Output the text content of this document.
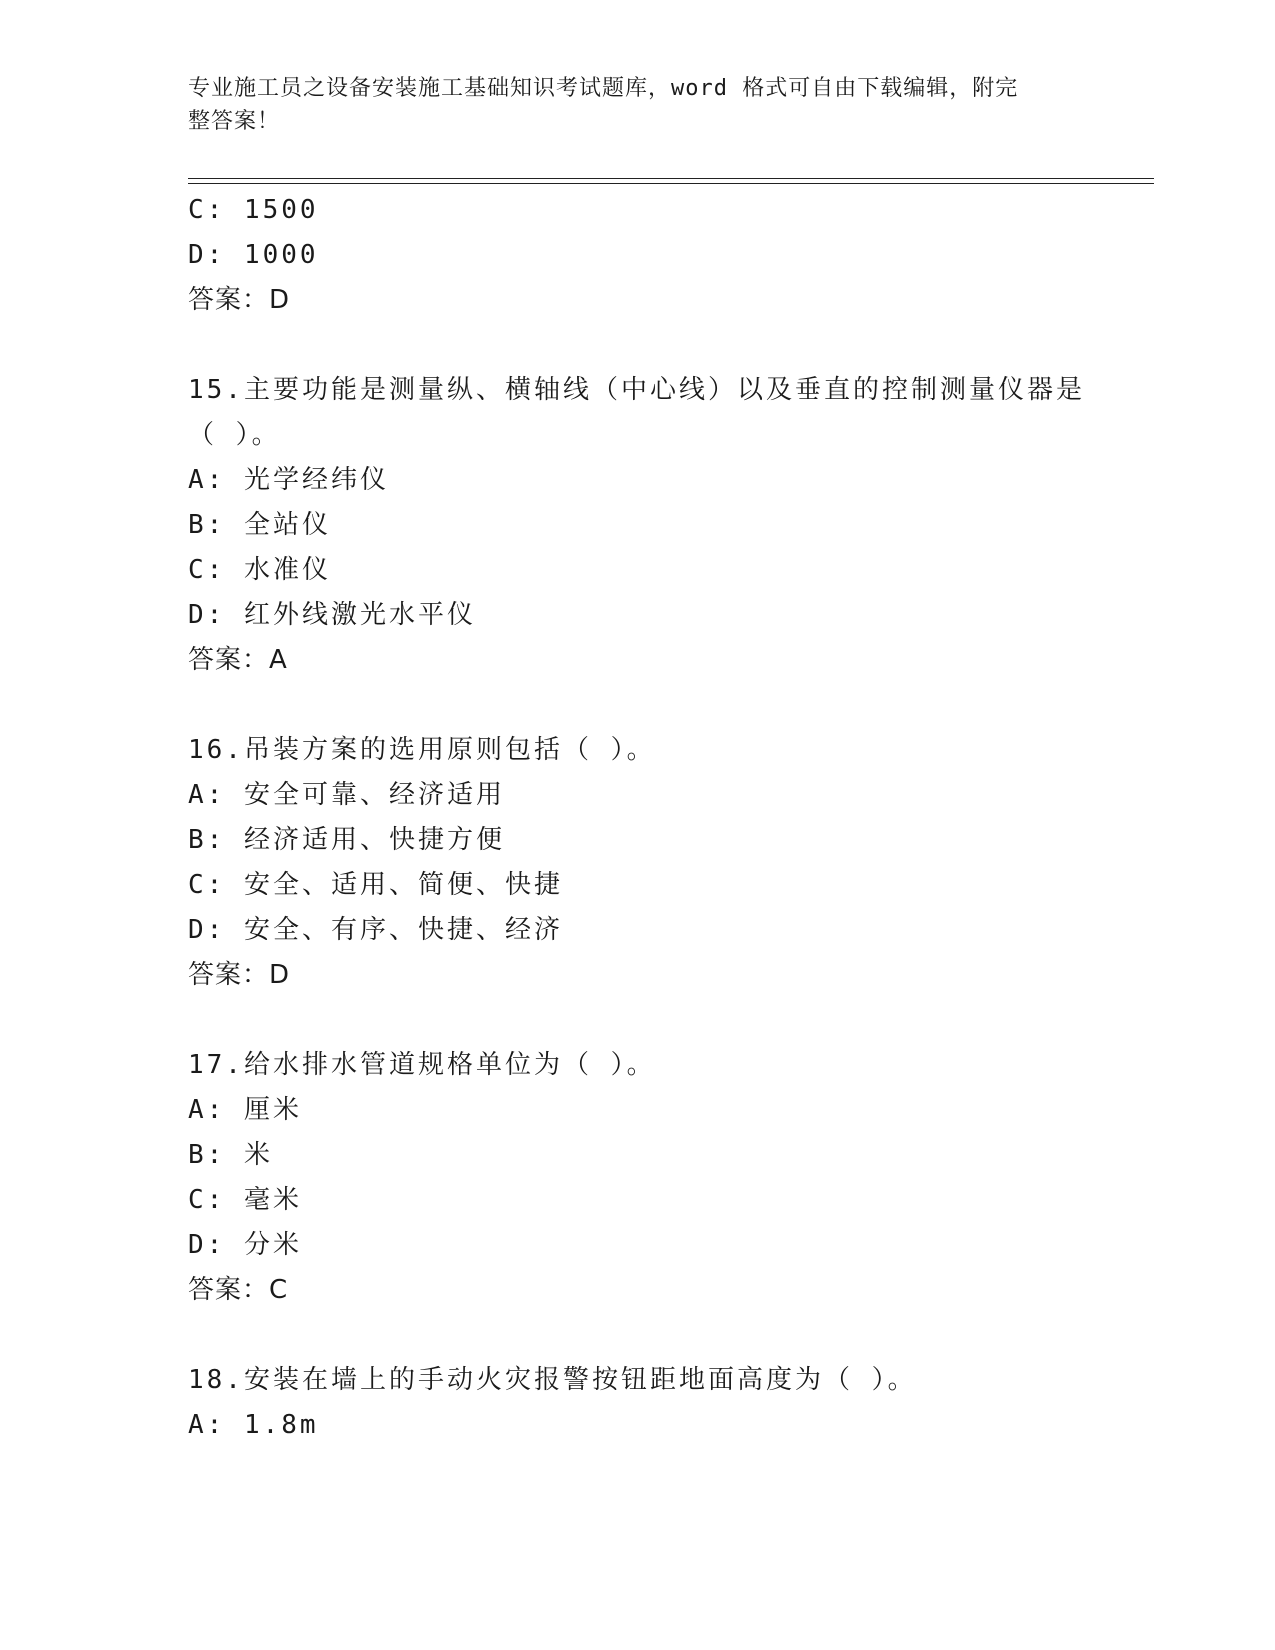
专业施工员之设备安装施工基础知识考试题库，word 格式可自由下载编辑，附完
整答案！
C: 1500
D: 1000
答案：D
15.主要功能是测量纵、横轴线（中心线）以及垂直的控制测量仪器是
（ ）。
A: 光学经纬仪
B: 全站仪
C: 水准仪
D: 红外线激光水平仪
答案：A
16.吊装方案的选用原则包括（ ）。
A: 安全可靠、经济适用
B: 经济适用、快捷方便
C: 安全、适用、简便、快捷
D: 安全、有序、快捷、经济
答案：D
17.给水排水管道规格单位为（ ）。
A: 厘米
B: 米
C: 毫米
D: 分米
答案：C
18.安装在墙上的手动火灾报警按钮距地面高度为（ ）。
A: 1.8m
